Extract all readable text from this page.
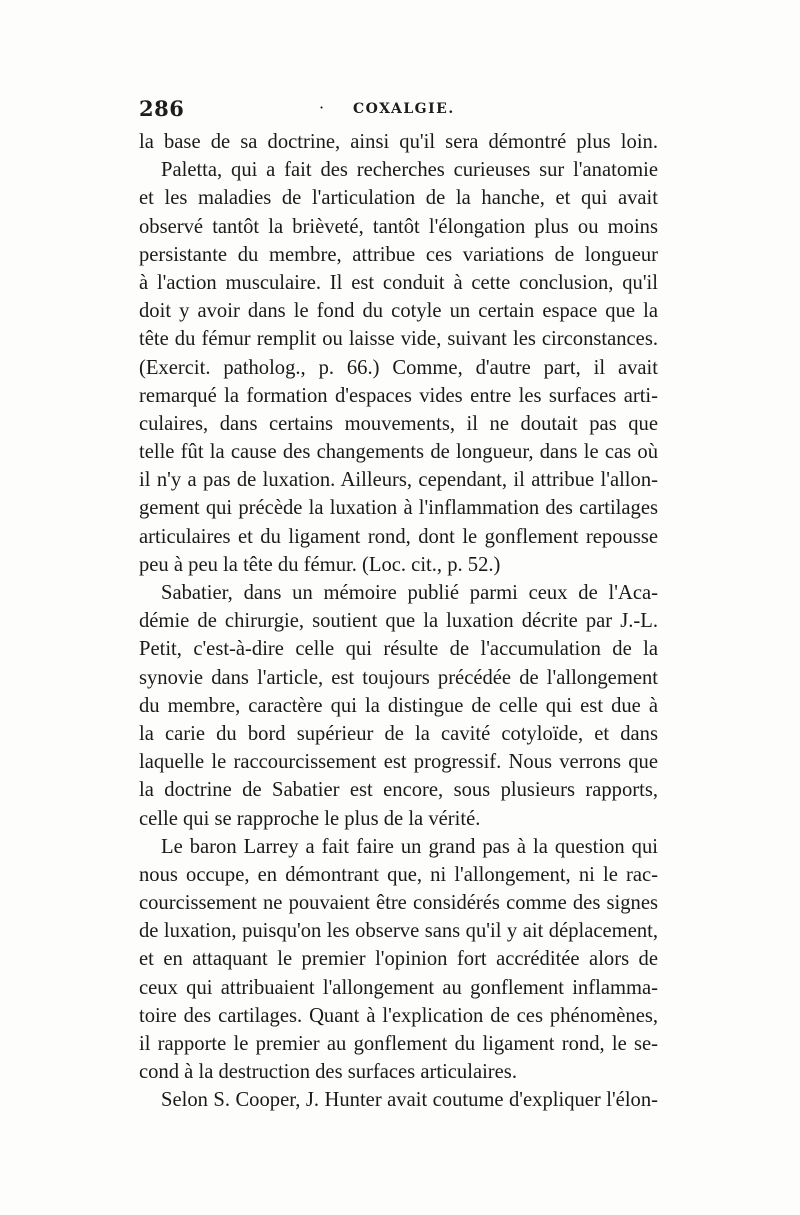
286	· COXALGIE.
la base de sa doctrine, ainsi qu'il sera démontré plus loin.
Paletta, qui a fait des recherches curieuses sur l'anatomie
et les maladies de l'articulation de la hanche, et qui avait
observé tantôt la brièveté, tantôt l'élongation plus ou moins
persistante du membre, attribue ces variations de longueur
à l'action musculaire. Il est conduit à cette conclusion, qu'il
doit y avoir dans le fond du cotyle un certain espace que la
tête du fémur remplit ou laisse vide, suivant les circonstances.
(Exercit. patholog., p. 66.) Comme, d'autre part, il avait
remarqué la formation d'espaces vides entre les surfaces arti-
culaires, dans certains mouvements, il ne doutait pas que
telle fût la cause des changements de longueur, dans le cas où
il n'y a pas de luxation. Ailleurs, cependant, il attribue l'allon-
gement qui précède la luxation à l'inflammation des cartilages
articulaires et du ligament rond, dont le gonflement repousse
peu à peu la tête du fémur. (Loc. cit., p. 52.)
Sabatier, dans un mémoire publié parmi ceux de l'Aca-
démie de chirurgie, soutient que la luxation décrite par J.-L.
Petit, c'est-à-dire celle qui résulte de l'accumulation de la
synovie dans l'article, est toujours précédée de l'allongement
du membre, caractère qui la distingue de celle qui est due à
la carie du bord supérieur de la cavité cotyloïde, et dans
laquelle le raccourcissement est progressif. Nous verrons que
la doctrine de Sabatier est encore, sous plusieurs rapports,
celle qui se rapproche le plus de la vérité.
Le baron Larrey a fait faire un grand pas à la question qui
nous occupe, en démontrant que, ni l'allongement, ni le rac-
courcissement ne pouvaient être considérés comme des signes
de luxation, puisqu'on les observe sans qu'il y ait déplacement,
et en attaquant le premier l'opinion fort accréditée alors de
ceux qui attribuaient l'allongement au gonflement inflamma-
toire des cartilages. Quant à l'explication de ces phénomènes,
il rapporte le premier au gonflement du ligament rond, le se-
cond à la destruction des surfaces articulaires.
Selon S. Cooper, J. Hunter avait coutume d'expliquer l'élon-
